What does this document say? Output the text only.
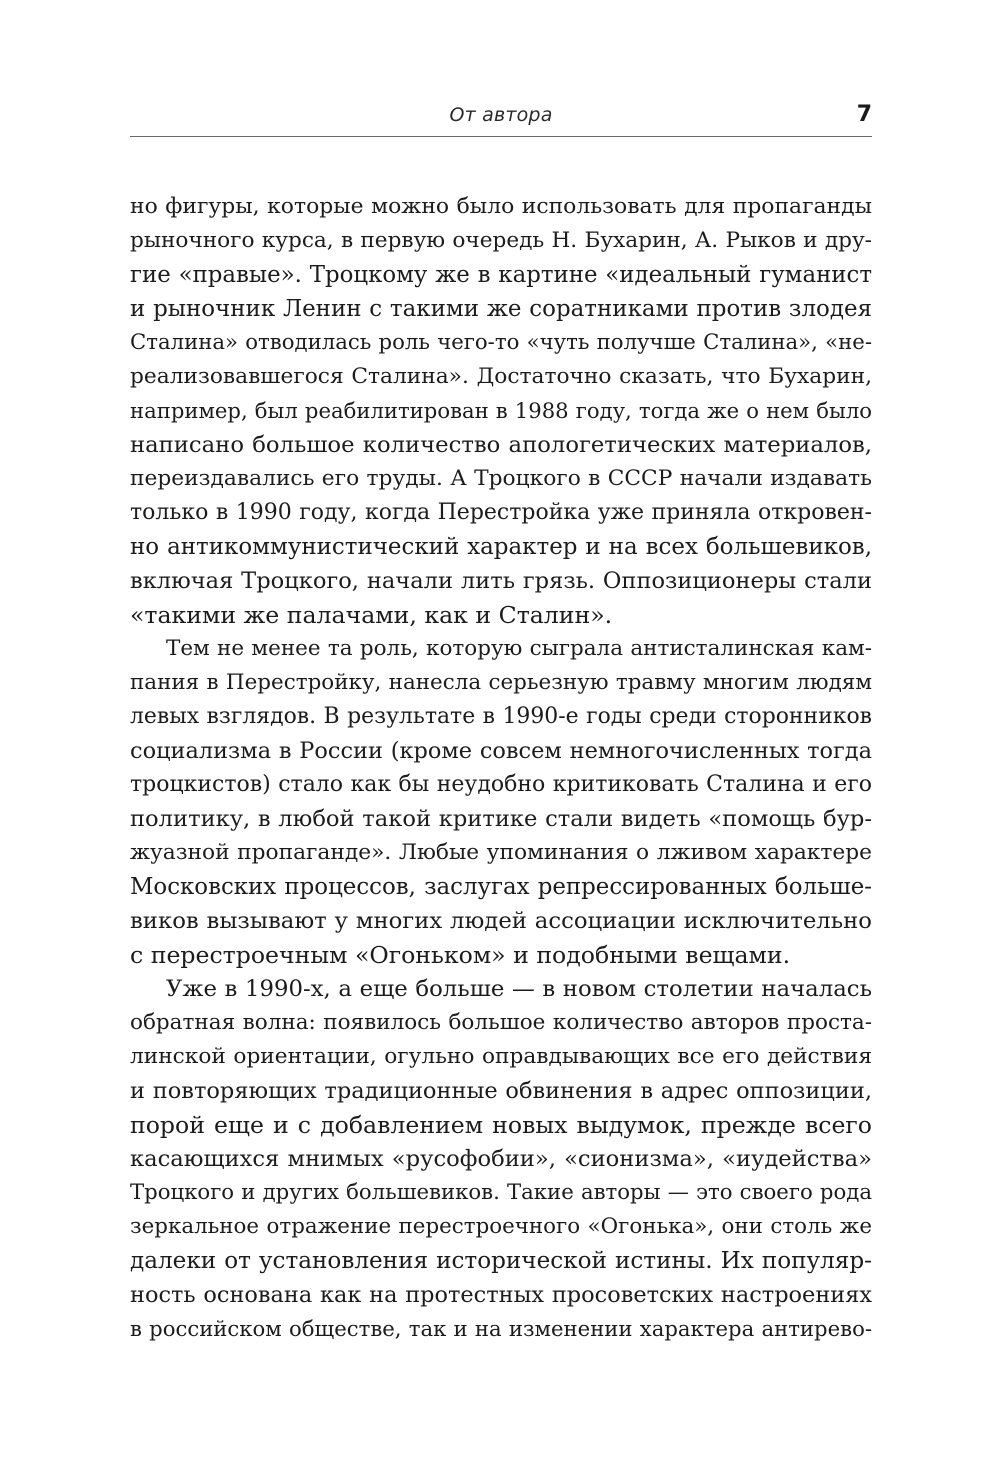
От автора	7
но фигуры, которые можно было использовать для пропаганды
рыночного курса, в первую очередь Н. Бухарин, А. Рыков и дру-
гие «правые». Троцкому же в картине «идеальный гуманист
и рыночник Ленин с такими же соратниками против злодея
Сталина» отводилась роль чего-то «чуть получше Сталина», «не-
реализовавшегося Сталина». Достаточно сказать, что Бухарин,
например, был реабилитирован в 1988 году, тогда же о нем было
написано большое количество апологетических материалов,
переиздавались его труды. А Троцкого в СССР начали издавать
только в 1990 году, когда Перестройка уже приняла откровен-
но антикоммунистический характер и на всех большевиков,
включая Троцкого, начали лить грязь. Оппозиционеры стали
«такими же палачами, как и Сталин».
Тем не менее та роль, которую сыграла антисталинская кам-
пания в Перестройку, нанесла серьезную травму многим людям
левых взглядов. В результате в 1990-е годы среди сторонников
социализма в России (кроме совсем немногочисленных тогда
троцкистов) стало как бы неудобно критиковать Сталина и его
политику, в любой такой критике стали видеть «помощь бур-
жуазной пропаганде». Любые упоминания о лживом характере
Московских процессов, заслугах репрессированных больше-
виков вызывают у многих людей ассоциации исключительно
с перестроечным «Огоньком» и подобными вещами.
Уже в 1990-х, а еще больше — в новом столетии началась
обратная волна: появилось большое количество авторов проста-
линской ориентации, огульно оправдывающих все его действия
и повторяющих традиционные обвинения в адрес оппозиции,
порой еще и с добавлением новых выдумок, прежде всего
касающихся мнимых «русофобии», «сионизма», «иудейства»
Троцкого и других большевиков. Такие авторы — это своего рода
зеркальное отражение перестроечного «Огонька», они столь же
далеки от установления исторической истины. Их популяр-
ность основана как на протестных просоветских настроениях
в российском обществе, так и на изменении характера антирево-
